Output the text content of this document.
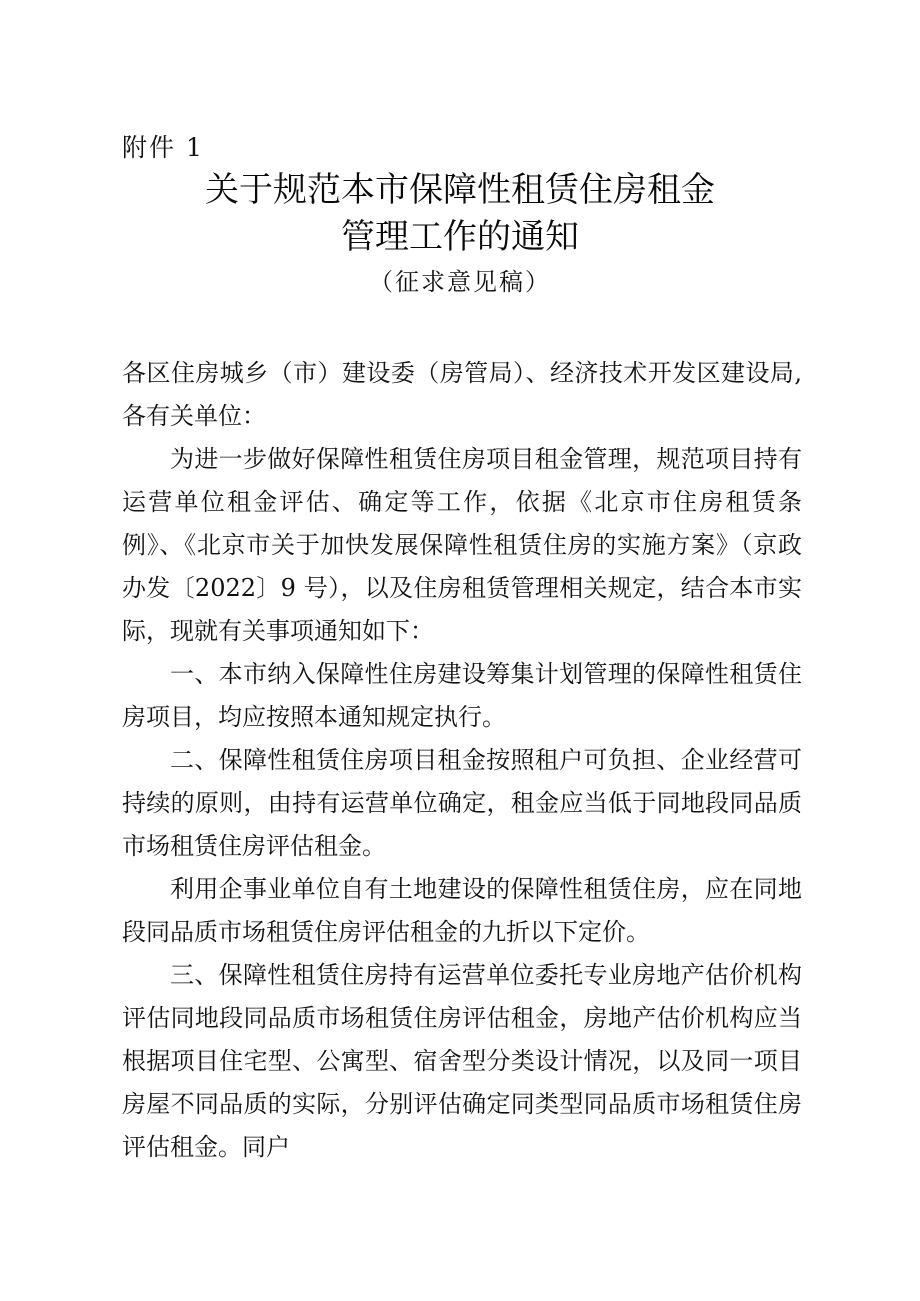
附件 1
关于规范本市保障性租赁住房租金
管理工作的通知
（征求意见稿）

各区住房城乡（市）建设委（房管局）、经济技术开发区建设局,各有关单位：

为进一步做好保障性租赁住房项目租金管理，规范项目持有运营单位租金评估、确定等工作，依据《北京市住房租赁条例》、《北京市关于加快发展保障性租赁住房的实施方案》（京政办发〔2022〕9 号），以及住房租赁管理相关规定，结合本市实际，现就有关事项通知如下：

一、本市纳入保障性住房建设筹集计划管理的保障性租赁住房项目，均应按照本通知规定执行。

二、保障性租赁住房项目租金按照租户可负担、企业经营可持续的原则，由持有运营单位确定，租金应当低于同地段同品质市场租赁住房评估租金。

利用企事业单位自有土地建设的保障性租赁住房，应在同地段同品质市场租赁住房评估租金的九折以下定价。

三、保障性租赁住房持有运营单位委托专业房地产估价机构评估同地段同品质市场租赁住房评估租金，房地产估价机构应当根据项目住宅型、公寓型、宿舍型分类设计情况，以及同一项目房屋不同品质的实际，分别评估确定同类型同品质市场租赁住房评估租金。同户
